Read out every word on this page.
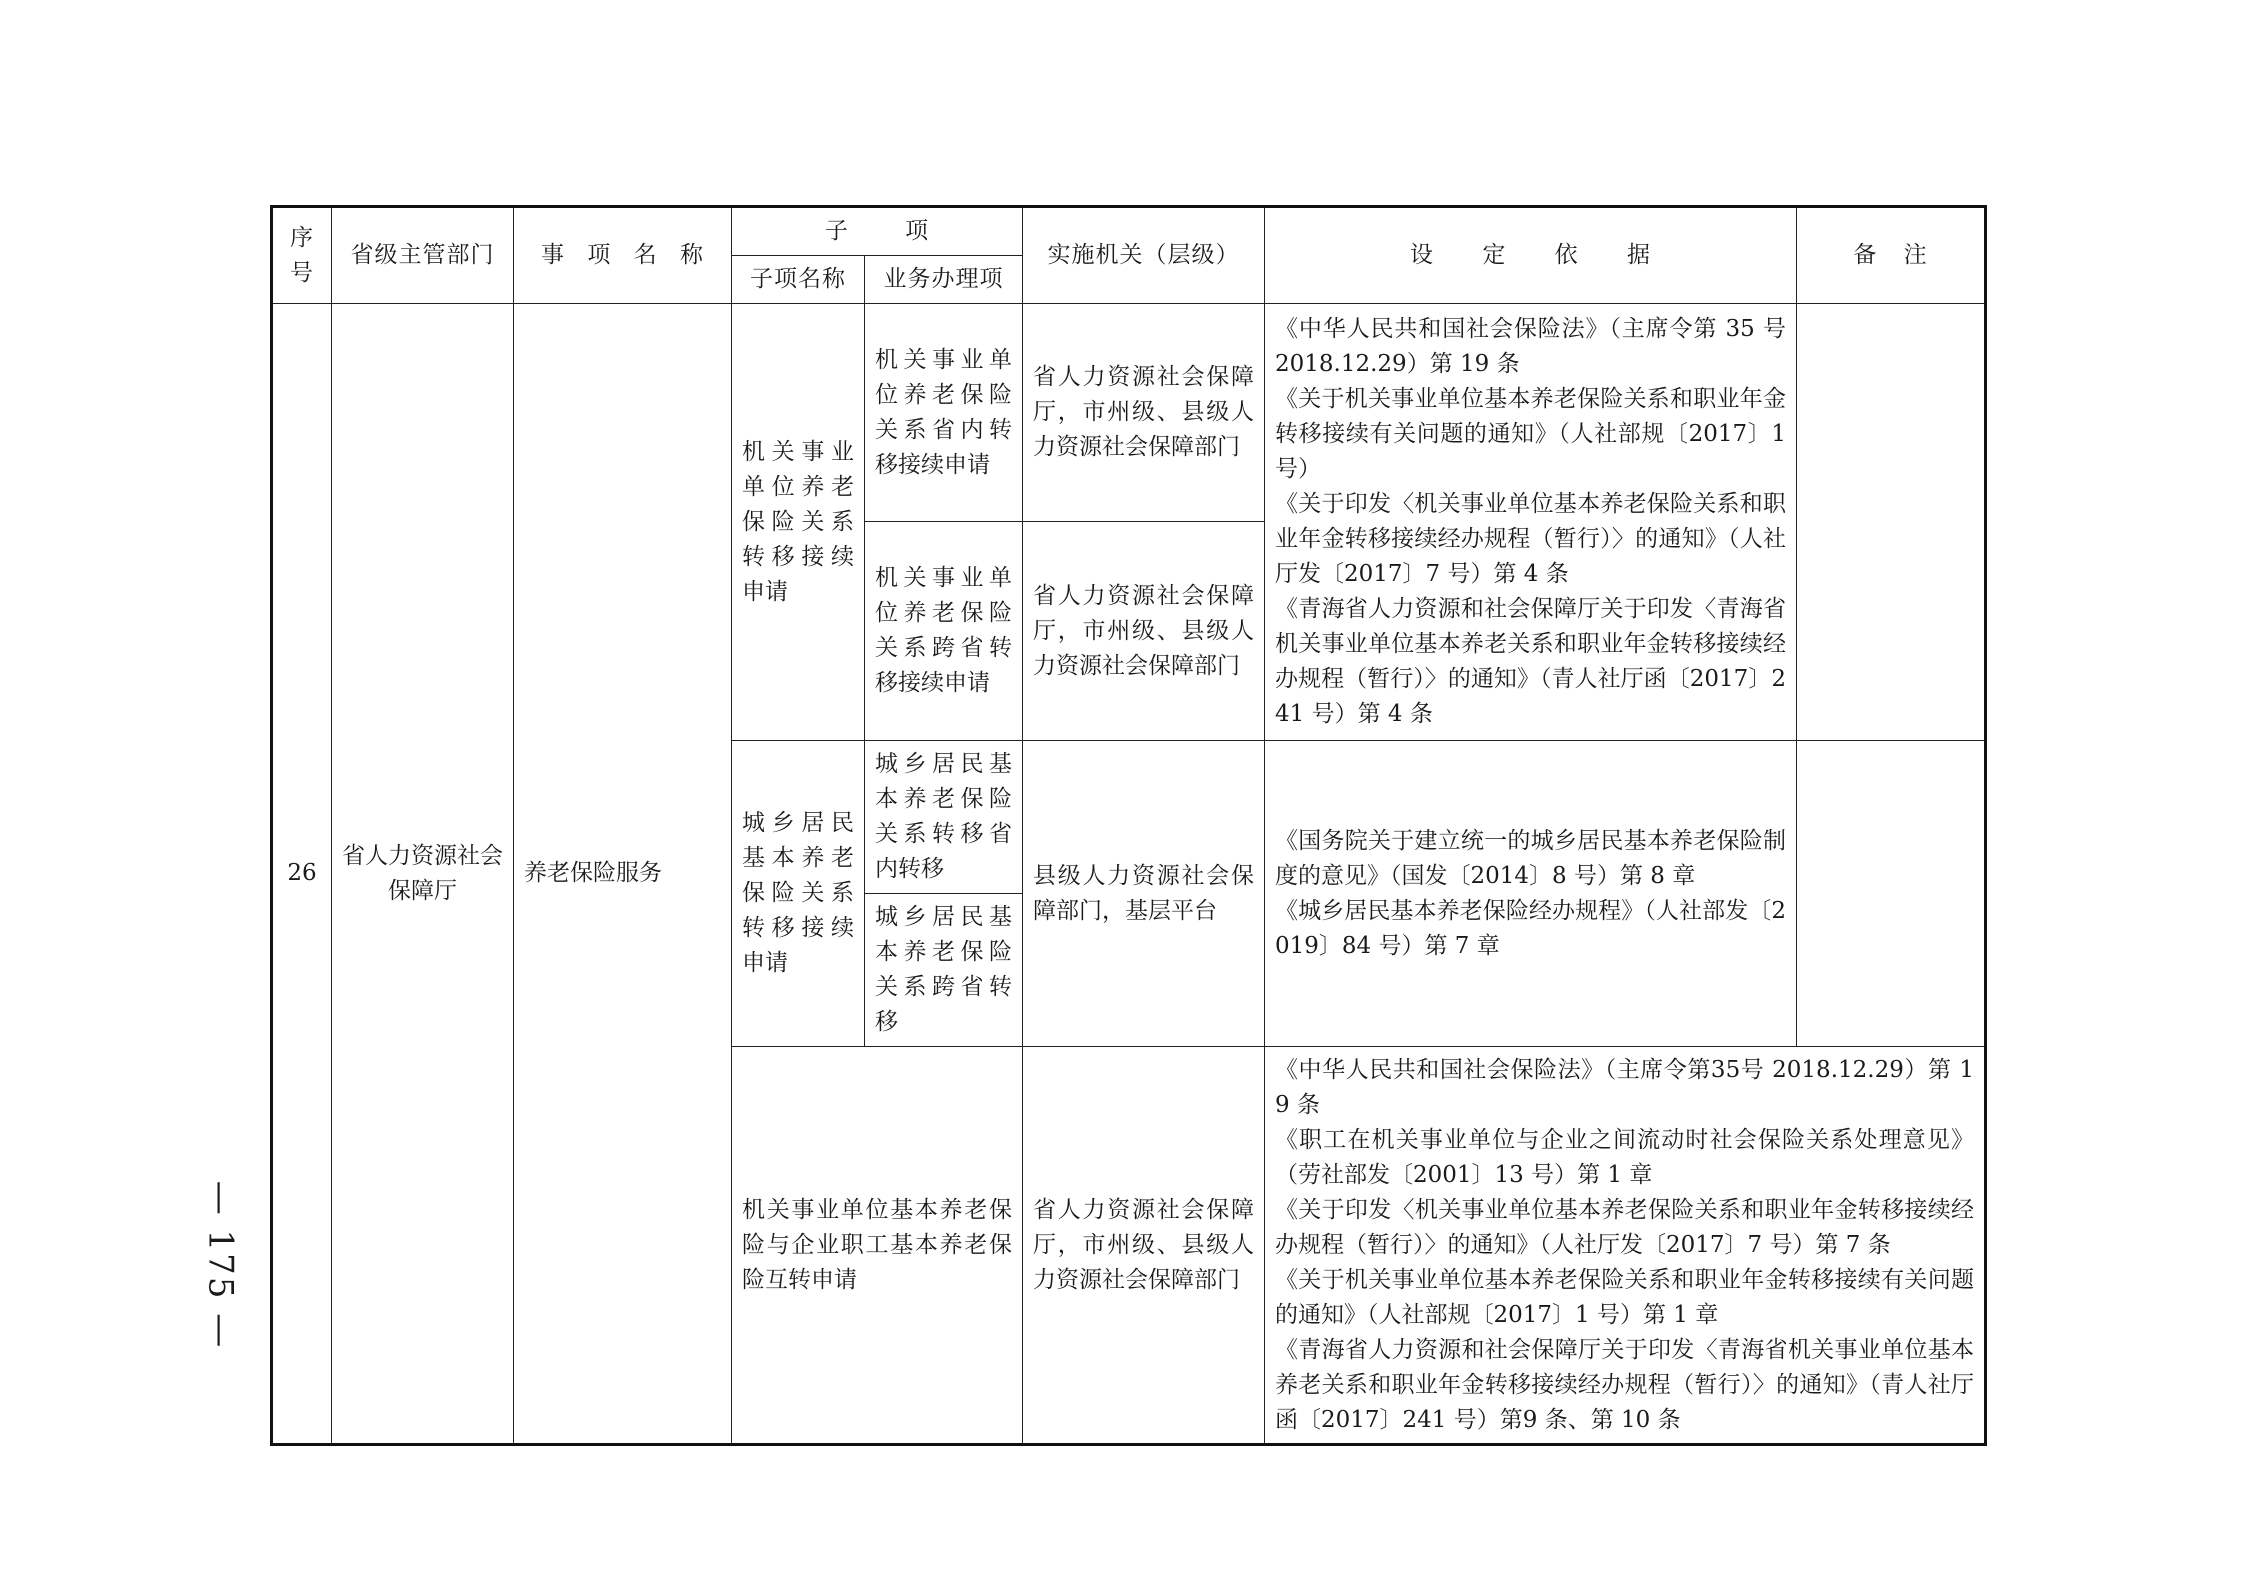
序号	省级主管部门	事 项 名 称	子 项		实施机关（层级）	设 定 依 据	备 注
			子项名称	业务办理项			
26	省人力资源社会保障厅	养老保险服务	机关事业单位养老保险关系转移接续申请	机关事业单位养老保险关系省内转移接续申请	省人力资源社会保障厅，市州级、县级人力资源社会保障部门	《中华人民共和国社会保险法》（主席令第 35 号 2018.12.29）第 19 条
《关于机关事业单位基本养老保险关系和职业年金转移接续有关问题的通知》（人社部规〔2017〕1 号）
《关于印发〈机关事业单位基本养老保险关系和职业年金转移接续经办规程（暂行）〉的通知》（人社厅发〔2017〕7 号）第 4 条
《青海省人力资源和社会保障厅关于印发〈青海省机关事业单位基本养老关系和职业年金转移接续经办规程（暂行）〉的通知》（青人社厅函〔2017〕241 号）第 4 条	

				机关事业单位养老保险关系跨省转移接续申请	省人力资源社会保障厅，市州级、县级人力资源社会保障部门		
			城乡居民基本养老保险关系转移接续申请	城乡居民基本养老保险关系转移省内转移	县级人力资源社会保障部门，基层平台	《国务院关于建立统一的城乡居民基本养老保险制度的意见》（国发〔2014〕8 号）第 8 章
《城乡居民基本养老保险经办规程》（人社部发〔2019〕84 号）第 7 章	

				城乡居民基本养老保险关系跨省转移			
			机关事业单位基本养老保险与企业职工基本养老保险互转申请		省人力资源社会保障厅，市州级、县级人力资源社会保障部门	《中华人民共和国社会保险法》（主席令第35号 2018.12.29）第 19 条
《职工在机关事业单位与企业之间流动时社会保险关系处理意见》（劳社部发〔2001〕13 号）第 1 章
《关于印发〈机关事业单位基本养老保险关系和职业年金转移接续经办规程（暂行）〉的通知》（人社厅发〔2017〕7 号）第 7 条
《关于机关事业单位基本养老保险关系和职业年金转移接续有关问题的通知》（人社部规〔2017〕1 号）第 1 章
《青海省人力资源和社会保障厅关于印发〈青海省机关事业单位基本养老关系和职业年金转移接续经办规程（暂行）〉的通知》（青人社厅函〔2017〕241 号）第9 条、第 10 条	

— 175 —
